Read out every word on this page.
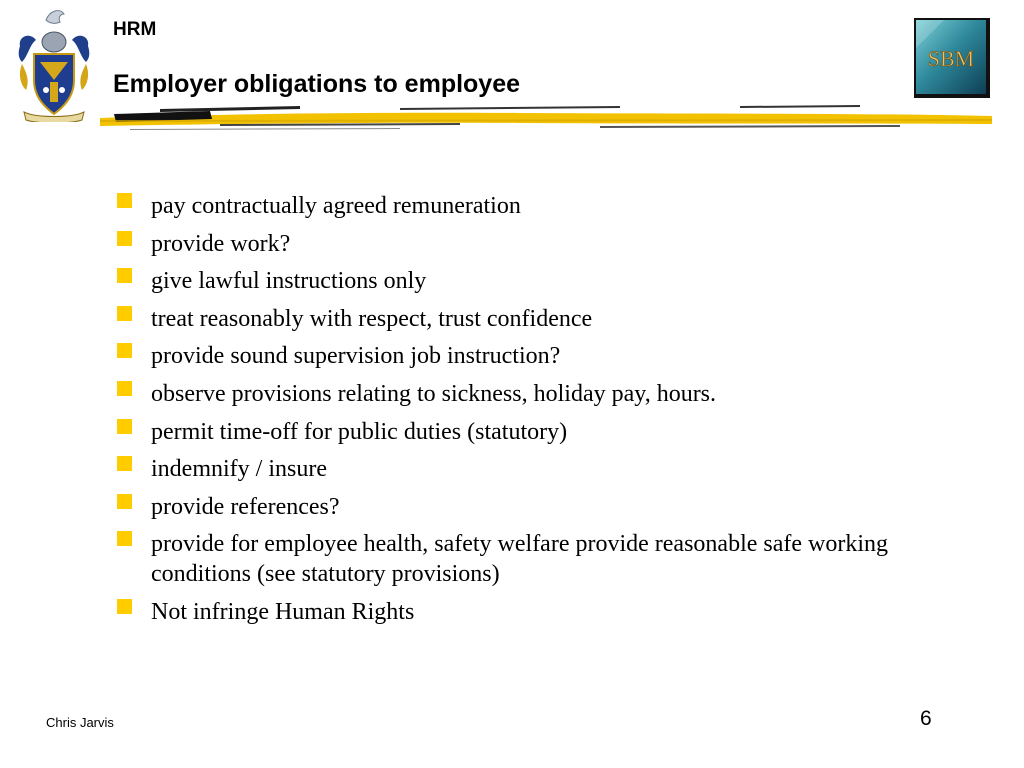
SBM
HRM
Employer obligations to employee
pay contractually agreed remuneration
provide work?
give lawful instructions only
treat reasonably with respect, trust confidence
provide sound supervision job instruction?
observe provisions relating to sickness, holiday pay, hours.
permit time-off for public duties (statutory)
indemnify / insure
provide references?
provide for employee health, safety welfare provide reasonable safe working conditions (see statutory provisions)
Not infringe Human Rights
Chris Jarvis	6
